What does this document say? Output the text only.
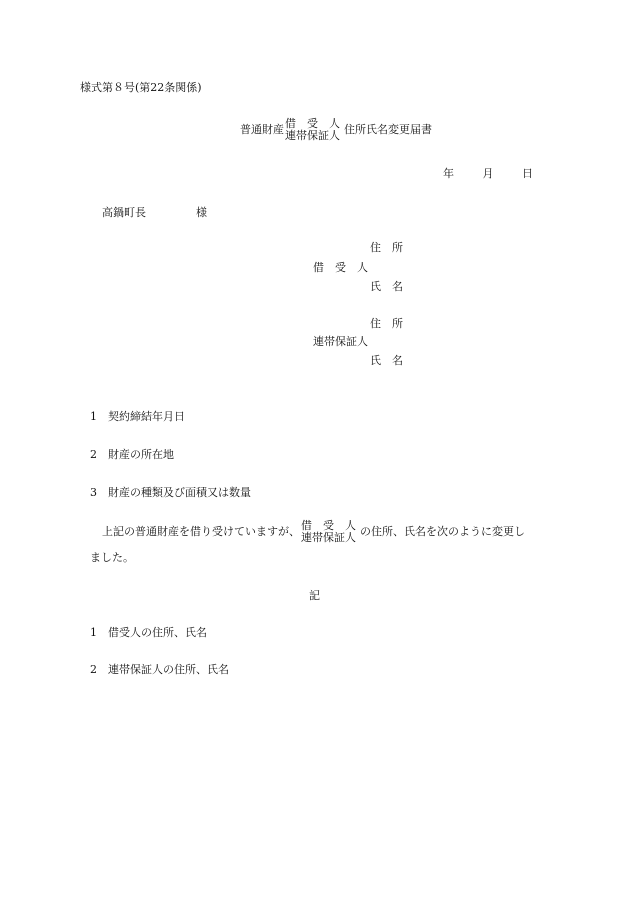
様式第８号(第22条関係)
普通財産 借　受　人
連帯保証人 住所氏名変更届書
年	月	日
高鍋町長	様
住　所
借　受　人
氏　名
住　所
連帯保証人
氏　名
1 契約締結年月日
2 財産の所在地
3 財産の種類及び面積又は数量
上記の普通財産を借り受けていますが、 借　受　人
連帯保証人 の住所、氏名を次のように変更し
ました。
記
1 借受人の住所、氏名
2 連帯保証人の住所、氏名
